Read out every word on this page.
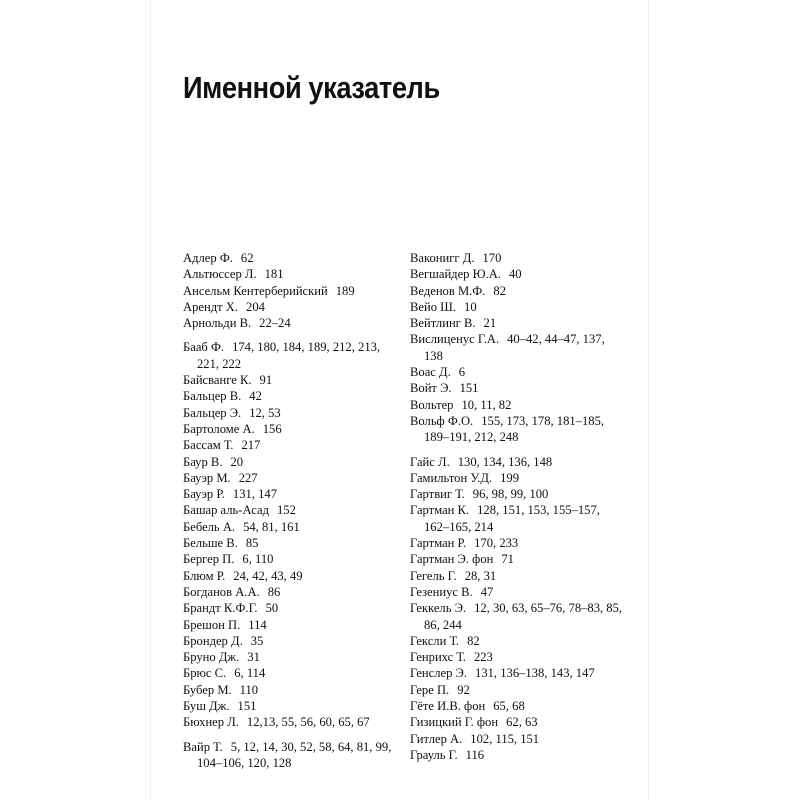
Именной указатель
Адлер Ф. 62
Альтюссер Л. 181
Ансельм Кентерберийский 189
Арендт Х. 204
Арнольди В. 22–24
Бааб Ф. 174, 180, 184, 189, 212, 213, 221, 222
Байсванге К. 91
Бальцер В. 42
Бальцер Э. 12, 53
Бартоломе А. 156
Бассам Т. 217
Баур В. 20
Бауэр М. 227
Бауэр Р. 131, 147
Башар аль-Асад 152
Бебель А. 54, 81, 161
Бельше В. 85
Бергер П. 6, 110
Блюм Р. 24, 42, 43, 49
Богданов А.А. 86
Брандт К.Ф.Г. 50
Брешон П. 114
Брондер Д. 35
Бруно Дж. 31
Брюс С. 6, 114
Бубер М. 110
Буш Дж. 151
Бюхнер Л. 12,13, 55, 56, 60, 65, 67
Вайр Т. 5, 12, 14, 30, 52, 58, 64, 81, 99, 104–106, 120, 128
Ваконигг Д. 170
Вегшайдер Ю.А. 40
Веденов М.Ф. 82
Вейо Ш. 10
Вейтлинг В. 21
Вислиценус Г.А. 40–42, 44–47, 137, 138
Воас Д. 6
Войт Э. 151
Вольтер 10, 11, 82
Вольф Ф.О. 155, 173, 178, 181–185, 189–191, 212, 248
Гайс Л. 130, 134, 136, 148
Гамильтон У.Д. 199
Гартвиг Т. 96, 98, 99, 100
Гартман К. 128, 151, 153, 155–157, 162–165, 214
Гартман Р. 170, 233
Гартман Э. фон 71
Гегель Г. 28, 31
Гезениус В. 47
Геккель Э. 12, 30, 63, 65–76, 78–83, 85, 86, 244
Гексли Т. 82
Генрихс Т. 223
Генслер Э. 131, 136–138, 143, 147
Гере П. 92
Гёте И.В. фон 65, 68
Гизицкий Г. фон 62, 63
Гитлер А. 102, 115, 151
Грауль Г. 116
